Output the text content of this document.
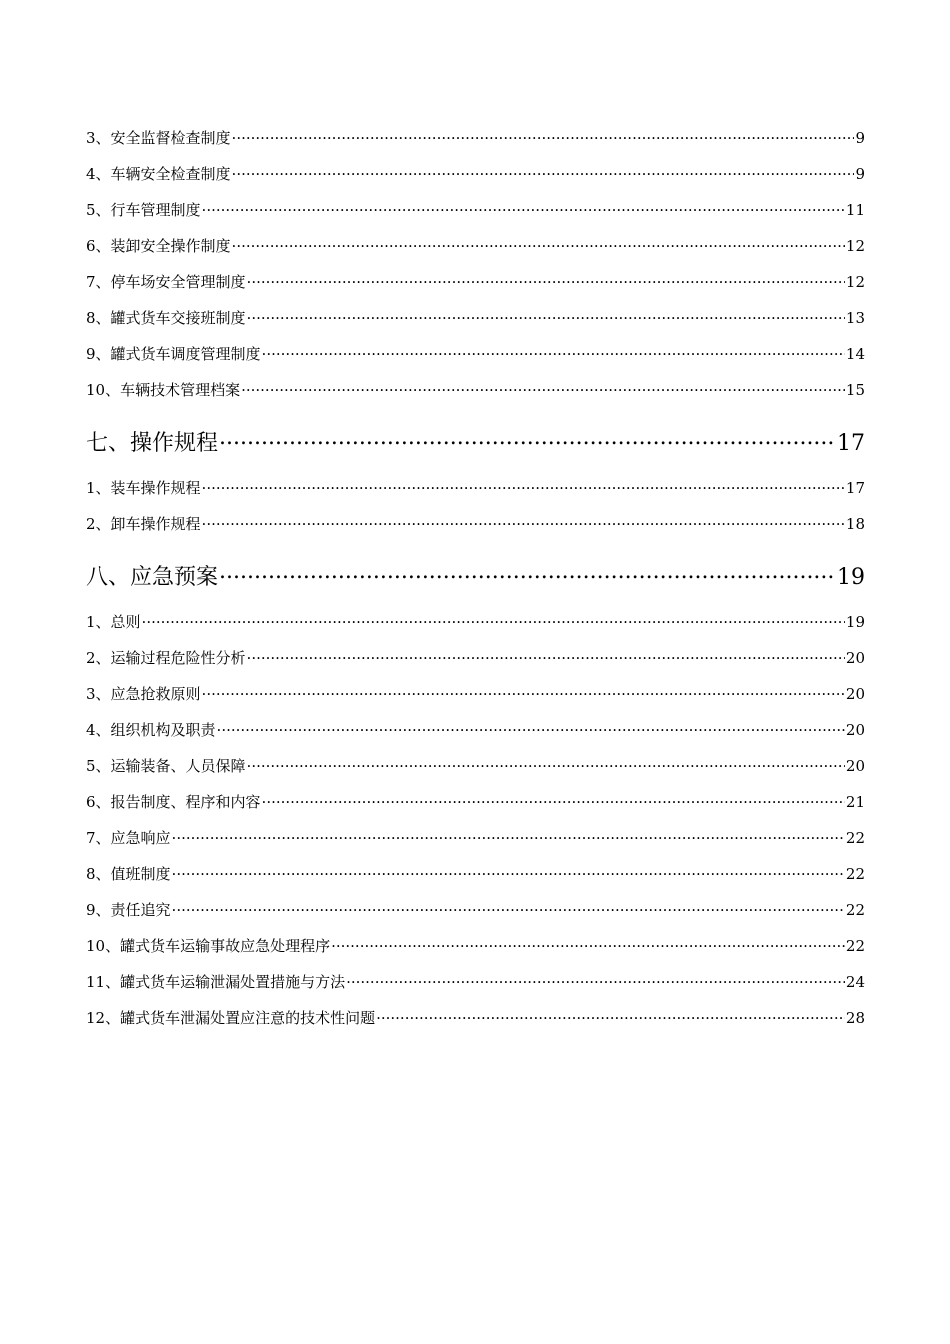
3、安全监督检查制度 .....	9
4、车辆安全检查制度 .....	9
5、行车管理制度 .....	11
6、装卸安全操作制度 .....	12
7、停车场安全管理制度 .....	12
8、罐式货车交接班制度 .....	13
9、罐式货车调度管理制度 .....	14
10、车辆技术管理档案 .....	15
七、操作规程 .....	17
1、装车操作规程 .....	17
2、卸车操作规程 .....	18
八、应急预案 .....	19
1、总则 .....	19
2、运输过程危险性分析 .....	20
3、应急抢救原则 .....	20
4、组织机构及职责 .....	20
5、运输装备、人员保障 .....	20
6、报告制度、程序和内容 .....	21
7、应急响应 .....	22
8、值班制度 .....	22
9、责任追究 .....	22
10、罐式货车运输事故应急处理程序 .....	22
11、罐式货车运输泄漏处置措施与方法 .....	24
12、罐式货车泄漏处置应注意的技术性问题 .....	28
